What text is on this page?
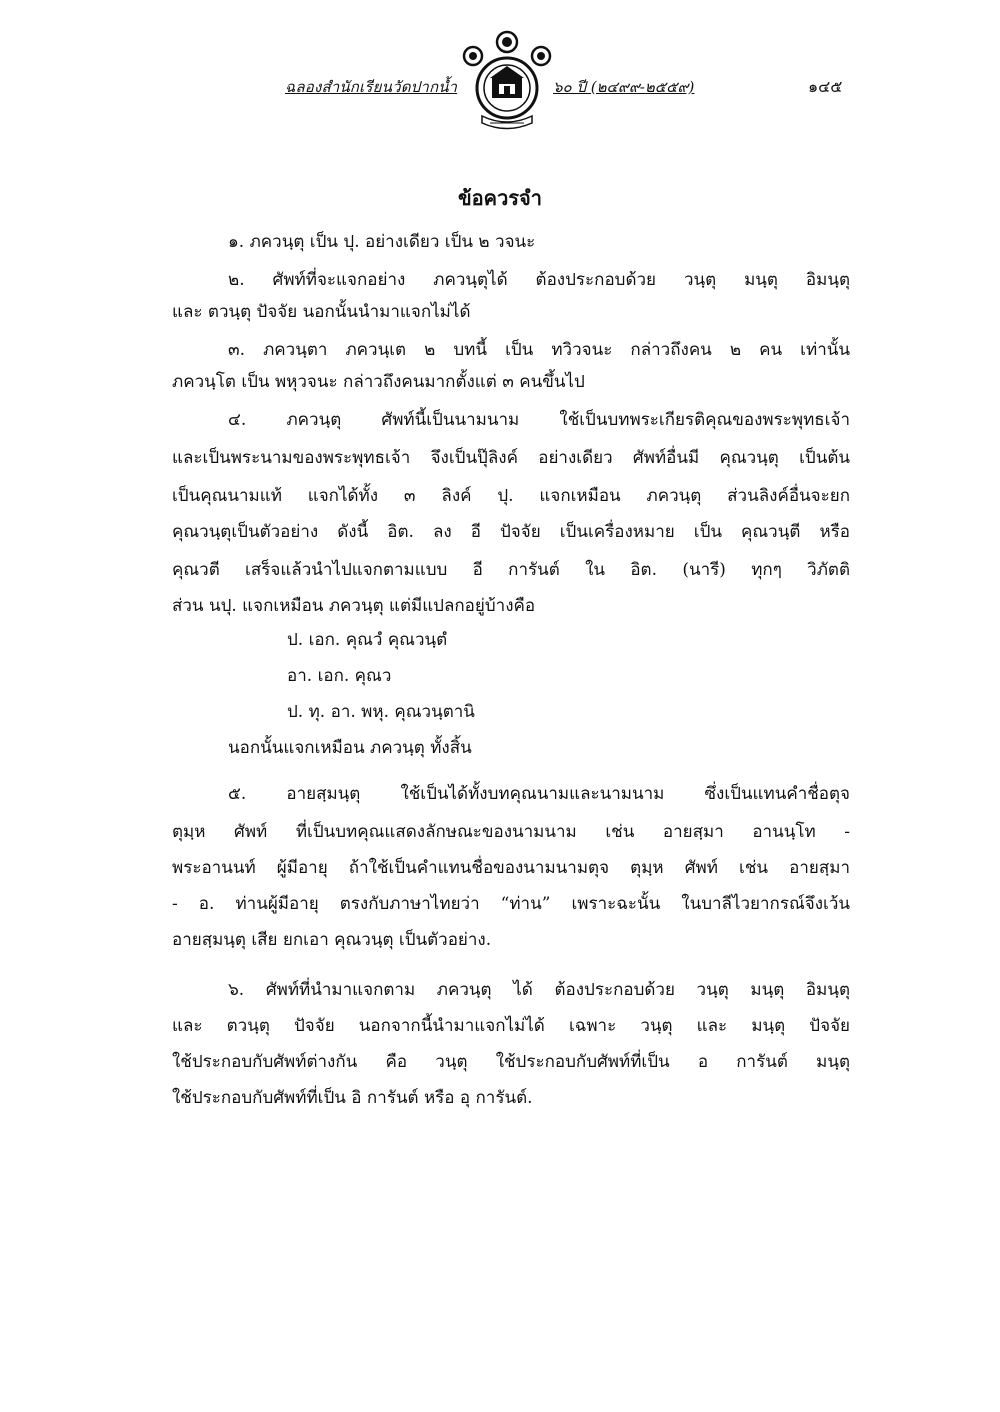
ฉลองสำนักเรียนวัดปากน้ำ	๖๐ ปี (๒๔๙๙-๒๕๕๙)	๑๔๕
ข้อควรจำ
๑. ภควนฺตุ เป็น ปุ. อย่างเดียว เป็น ๒ วจนะ
๒. ศัพท์ที่จะแจกอย่าง ภควนฺตุได้ ต้องประกอบด้วย วนฺตุ มนฺตุ อิมนฺตุ
และ ตวนฺตุ ปัจจัย นอกนั้นนำมาแจกไม่ได้
๓. ภควนฺตา ภควนฺเต ๒ บทนี้ เป็น ทวิวจนะ กล่าวถึงคน ๒ คน เท่านั้น
ภควนฺโต เป็น พหุวจนะ กล่าวถึงคนมากตั้งแต่ ๓ คนขึ้นไป
๔. ภควนฺตุ ศัพท์นี้เป็นนามนาม ใช้เป็นบทพระเกียรติคุณของพระพุทธเจ้า
และเป็นพระนามของพระพุทธเจ้า จึงเป็นปุ๊ลิงค์ อย่างเดียว ศัพท์อื่นมี คุณวนฺตุ เป็นต้น
เป็นคุณนามแท้ แจกได้ทั้ง ๓ ลิงค์ ปุ. แจกเหมือน ภควนฺตุ ส่วนลิงค์อื่นจะยก
คุณวนฺตุเป็นตัวอย่าง ดังนี้ อิต. ลง อี ปัจจัย เป็นเครื่องหมาย เป็น คุณวนฺตี หรือ
คุณวตี เสร็จแล้วนำไปแจกตามแบบ อี การันต์ ใน อิต. (นารี) ทุกๆ วิภัตติ
ส่วน นปุ. แจกเหมือน ภควนฺตุ แต่มีแปลกอยู่บ้างคือ
ป. เอก. คุณวํ คุณวนฺตํ
อา. เอก. คุณว
ป. ทุ. อา. พหุ. คุณวนฺตานิ
นอกนั้นแจกเหมือน ภควนฺตุ ทั้งสิ้น
๕. อายสฺมนฺตุ ใช้เป็นได้ทั้งบทคุณนามและนามนาม ซึ่งเป็นแทนคำชื่อตุจ
ตุมฺห ศัพท์ ที่เป็นบทคุณแสดงลักษณะของนามนาม เช่น อายสฺมา อานนฺโท -
พระอานนท์ ผู้มีอายุ ถ้าใช้เป็นคำแทนชื่อของนามนามตุจ ตุมฺห ศัพท์ เช่น อายสฺมา
- อ. ท่านผู้มีอายุ ตรงกับภาษาไทยว่า “ท่าน” เพราะฉะนั้น ในบาลีไวยากรณ์จึงเว้น
อายสฺมนฺตุ เสีย ยกเอา คุณวนฺตุ เป็นตัวอย่าง.
๖. ศัพท์ที่นำมาแจกตาม ภควนฺตุ ได้ ต้องประกอบด้วย วนฺตุ มนฺตุ อิมนฺตุ
และ ตวนฺตุ ปัจจัย นอกจากนี้นำมาแจกไม่ได้ เฉพาะ วนฺตุ และ มนฺตุ ปัจจัย
ใช้ประกอบกับศัพท์ต่างกัน คือ วนฺตุ ใช้ประกอบกับศัพท์ที่เป็น อ การันต์ มนฺตุ
ใช้ประกอบกับศัพท์ที่เป็น อิ การันต์ หรือ อุ การันต์.
